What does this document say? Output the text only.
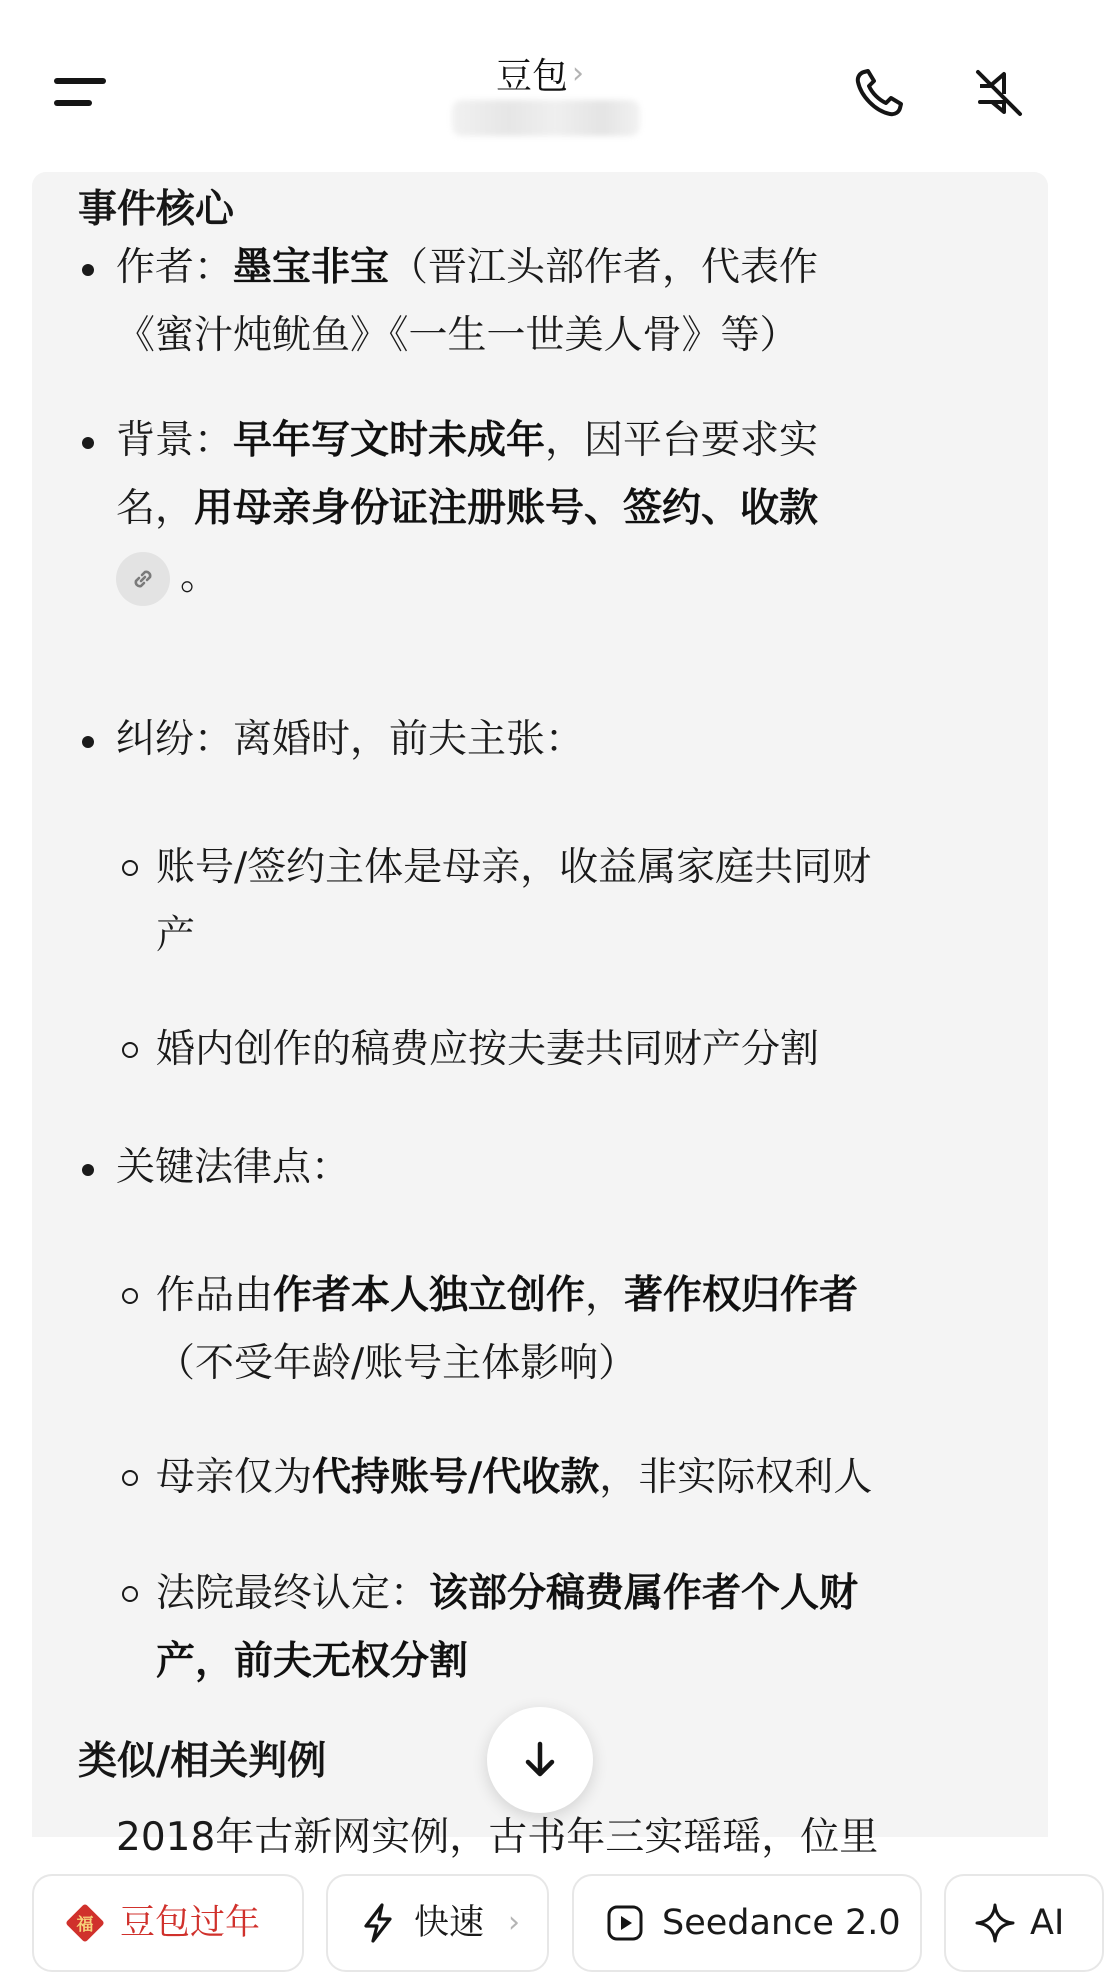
豆包 ›
事件核心
作者：墨宝非宝（晋江头部作者，代表作
《蜜汁炖鱿鱼》《一生一世美人骨》等）
背景：早年写文时未成年，因平台要求实
名，用母亲身份证注册账号、签约、收款

。
纠纷：离婚时，前夫主张：
账号/签约主体是母亲，收益属家庭共同财
产
婚内创作的稿费应按夫妻共同财产分割
关键法律点：
作品由作者本人独立创作，著作权归作者
（不受年龄/账号主体影响）
母亲仅为代持账号/代收款，非实际权利人
法院最终认定：该部分稿费属作者个人财
产，前夫无权分割
类似/相关判例
2018年古新网实例，古书年三实瑶瑶，位里
福 豆包过年	快速 ›	Seedance 2.0	AI
